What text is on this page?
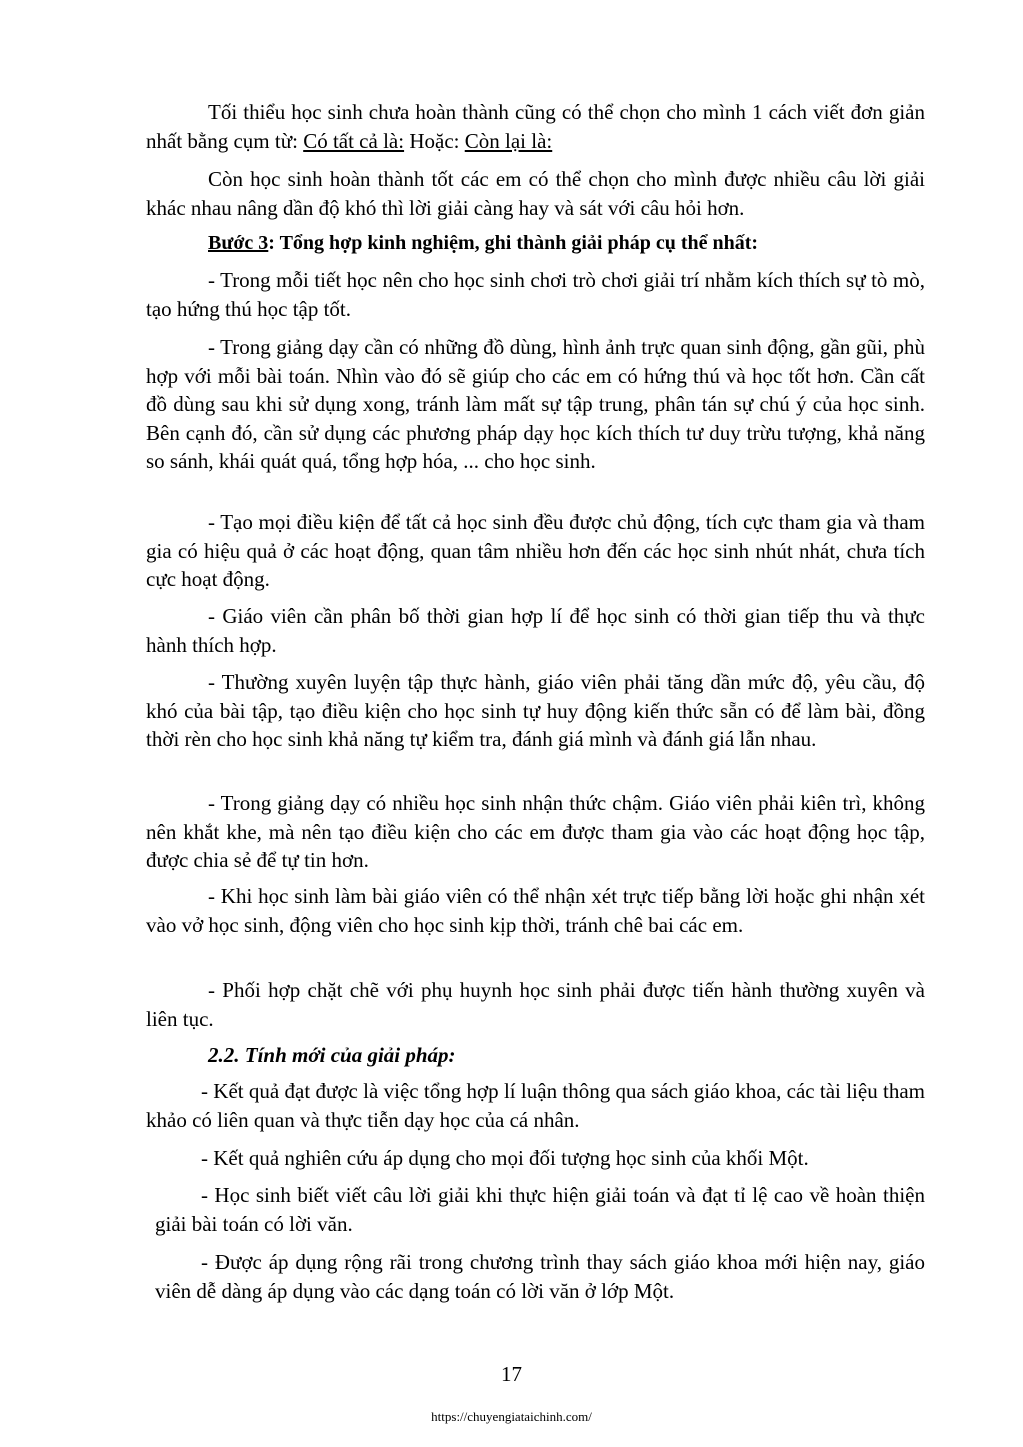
Tối thiểu học sinh chưa hoàn thành cũng có thể chọn cho mình 1 cách viết đơn giản nhất bằng cụm từ: Có tất cả là: Hoặc: Còn lại là:
Còn học sinh hoàn thành tốt các em có thể chọn cho mình được nhiều câu lời giải khác nhau nâng dần độ khó thì lời giải càng hay và sát với câu hỏi hơn.
Bước 3: Tổng hợp kinh nghiệm, ghi thành giải pháp cụ thể nhất:
- Trong mỗi tiết học nên cho học sinh chơi trò chơi giải trí nhằm kích thích sự tò mò, tạo hứng thú học tập tốt.
- Trong giảng dạy cần có những đồ dùng, hình ảnh trực quan sinh động, gần gũi, phù hợp với mỗi bài toán. Nhìn vào đó sẽ giúp cho các em có hứng thú và học tốt hơn. Cần cất đồ dùng sau khi sử dụng xong, tránh làm mất sự tập trung, phân tán sự chú ý của học sinh. Bên cạnh đó, cần sử dụng các phương pháp dạy học kích thích tư duy trừu tượng, khả năng so sánh, khái quát quá, tổng hợp hóa, ... cho học sinh.
- Tạo mọi điều kiện để tất cả học sinh đều được chủ động, tích cực tham gia và tham gia có hiệu quả ở các hoạt động, quan tâm nhiều hơn đến các học sinh nhút nhát, chưa tích cực hoạt động.
- Giáo viên cần phân bố thời gian hợp lí để học sinh có thời gian tiếp thu và thực hành thích hợp.
- Thường xuyên luyện tập thực hành, giáo viên phải tăng dần mức độ, yêu cầu, độ khó của bài tập, tạo điều kiện cho học sinh tự huy động kiến thức sẵn có để làm bài, đồng thời rèn cho học sinh khả năng tự kiểm tra, đánh giá mình và đánh giá lẫn nhau.
- Trong giảng dạy có nhiều học sinh nhận thức chậm. Giáo viên phải kiên trì, không nên khắt khe, mà nên tạo điều kiện cho các em được tham gia vào các hoạt động học tập, được chia sẻ để tự tin hơn.
- Khi học sinh làm bài giáo viên có thể nhận xét trực tiếp bằng lời hoặc ghi nhận xét vào vở học sinh, động viên cho học sinh kịp thời, tránh chê bai các em.
- Phối hợp chặt chẽ với phụ huynh học sinh phải được tiến hành thường xuyên và liên tục.
2.2. Tính mới của giải pháp:
- Kết quả đạt được là việc tổng hợp lí luận thông qua sách giáo khoa, các tài liệu tham khảo có liên quan và thực tiễn dạy học của cá nhân.
- Kết quả nghiên cứu áp dụng cho mọi đối tượng học sinh của khối Một.
- Học sinh biết viết câu lời giải khi thực hiện giải toán và đạt tỉ lệ cao về hoàn thiện giải bài toán có lời văn.
- Được áp dụng rộng rãi trong chương trình thay sách giáo khoa mới hiện nay, giáo viên dễ dàng áp dụng vào các dạng toán có lời văn ở lớp Một.
17
https://chuyengiataichinh.com/
